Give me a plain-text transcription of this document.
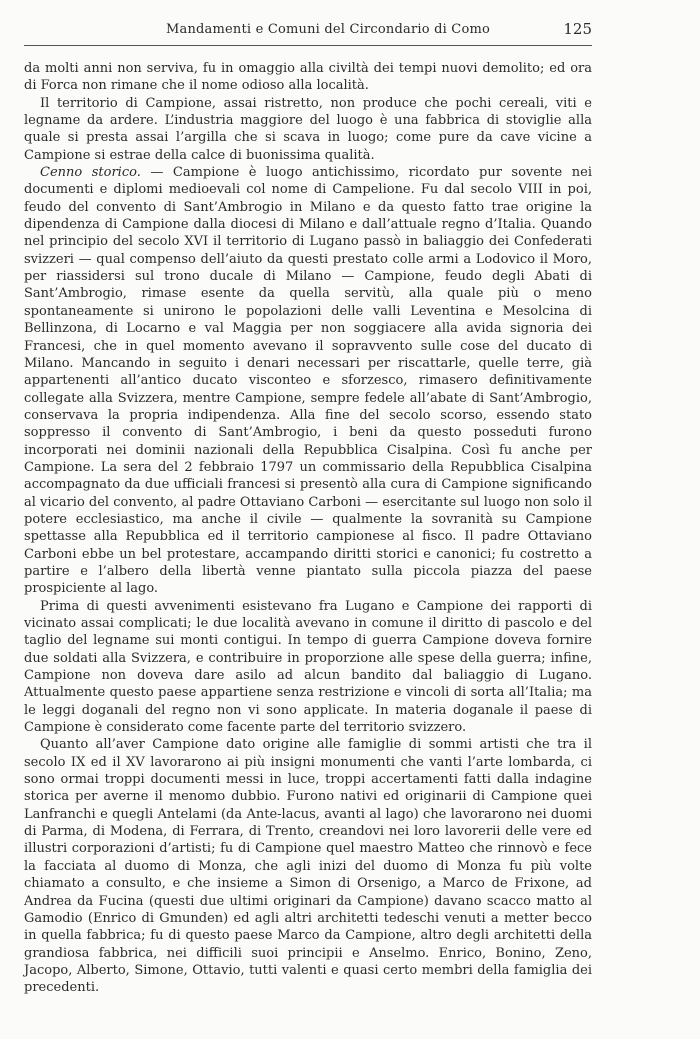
Mandamenti e Comuni del Circondario di Como	125

da molti anni non serviva, fu in omaggio alla civiltà dei tempi nuovi demolito; ed ora di Forca non rimane che il nome odioso alla località.

Il territorio di Campione, assai ristretto, non produce che pochi cereali, viti e legname da ardere. L’industria maggiore del luogo è una fabbrica di stoviglie alla quale si presta assai l’argilla che si scava in luogo; come pure da cave vicine a Campione si estrae della calce di buonissima qualità.

Cenno storico. — Campione è luogo antichissimo, ricordato pur sovente nei documenti e diplomi medioevali col nome di Campelione. Fu dal secolo VIII in poi, feudo del convento di Sant’Ambrogio in Milano e da questo fatto trae origine la dipendenza di Campione dalla diocesi di Milano e dall’attuale regno d’Italia. Quando nel principio del secolo XVI il territorio di Lugano passò in baliaggio dei Confederati svizzeri — qual compenso dell’aiuto da questi prestato colle armi a Lodovico il Moro, per riassidersi sul trono ducale di Milano — Campione, feudo degli Abati di Sant’Ambrogio, rimase esente da quella servitù, alla quale più o meno spontaneamente si unirono le popolazioni delle valli Leventina e Mesolcina di Bellinzona, di Locarno e val Maggia per non soggiacere alla avida signoria dei Francesi, che in quel momento avevano il sopravvento sulle cose del ducato di Milano. Mancando in seguito i denari necessari per riscattarle, quelle terre, già appartenenti all’antico ducato visconteo e sforzesco, rimasero definitivamente collegate alla Svizzera, mentre Campione, sempre fedele all’abate di Sant’Ambrogio, conservava la propria indipendenza. Alla fine del secolo scorso, essendo stato soppresso il convento di Sant’Ambrogio, i beni da questo posseduti furono incorporati nei dominii nazionali della Repubblica Cisalpina. Così fu anche per Campione. La sera del 2 febbraio 1797 un commissario della Repubblica Cisalpina accompagnato da due ufficiali francesi si presentò alla cura di Campione significando al vicario del convento, al padre Ottaviano Carboni — esercitante sul luogo non solo il potere ecclesiastico, ma anche il civile — qualmente la sovranità su Campione spettasse alla Repubblica ed il territorio campionese al fisco. Il padre Ottaviano Carboni ebbe un bel protestare, accampando diritti storici e canonici; fu costretto a partire e l’albero della libertà venne piantato sulla piccola piazza del paese prospiciente al lago.

Prima di questi avvenimenti esistevano fra Lugano e Campione dei rapporti di vicinato assai complicati; le due località avevano in comune il diritto di pascolo e del taglio del legname sui monti contigui. In tempo di guerra Campione doveva fornire due soldati alla Svizzera, e contribuire in proporzione alle spese della guerra; infine, Campione non doveva dare asilo ad alcun bandito dal baliaggio di Lugano. Attualmente questo paese appartiene senza restrizione e vincoli di sorta all’Italia; ma le leggi doganali del regno non vi sono applicate. In materia doganale il paese di Campione è considerato come facente parte del territorio svizzero.

Quanto all’aver Campione dato origine alle famiglie di sommi artisti che tra il secolo IX ed il XV lavorarono ai più insigni monumenti che vanti l’arte lombarda, ci sono ormai troppi documenti messi in luce, troppi accertamenti fatti dalla indagine storica per averne il menomo dubbio. Furono nativi ed originarii di Campione quei Lanfranchi e quegli Antelami (da Ante-lacus, avanti al lago) che lavorarono nei duomi di Parma, di Modena, di Ferrara, di Trento, creandovi nei loro lavorerii delle vere ed illustri corporazioni d’artisti; fu di Campione quel maestro Matteo che rinnovò e fece la facciata al duomo di Monza, che agli inizi del duomo di Monza fu più volte chiamato a consulto, e che insieme a Simon di Orsenigo, a Marco de Frixone, ad Andrea da Fucina (questi due ultimi originari da Campione) davano scacco matto al Gamodio (Enrico di Gmunden) ed agli altri architetti tedeschi venuti a metter becco in quella fabbrica; fu di questo paese Marco da Campione, altro degli architetti della grandiosa fabbrica, nei difficili suoi principii e Anselmo. Enrico, Bonino, Zeno, Jacopo, Alberto, Simone, Ottavio, tutti valenti e quasi certo membri della famiglia dei precedenti.
